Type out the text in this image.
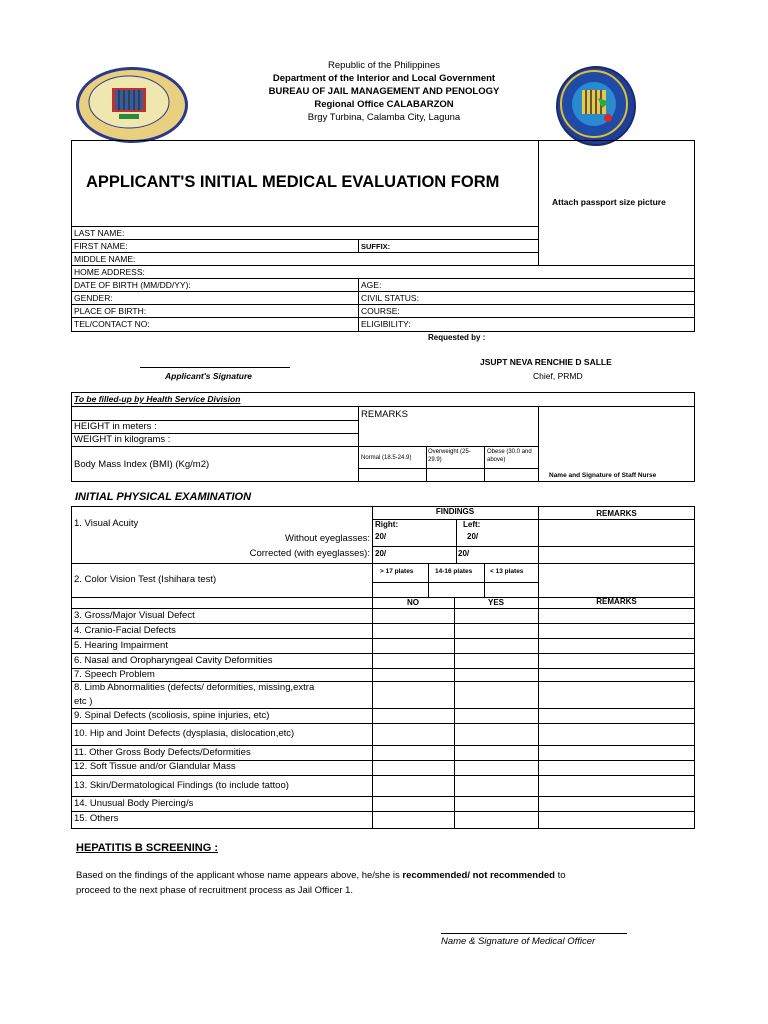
Republic of the Philippines
Department of the Interior and Local Government
BUREAU OF JAIL MANAGEMENT AND PENOLOGY
Regional Office CALABARZON
Brgy Turbina, Calamba City, Laguna
APPLICANT'S INITIAL MEDICAL EVALUATION FORM
Attach passport size picture
LAST NAME:
FIRST NAME:	SUFFIX:
MIDDLE NAME:
HOME ADDRESS:
DATE OF BIRTH (MM/DD/YY):	AGE:
GENDER:	CIVIL STATUS:
PLACE OF BIRTH:	COURSE:
TEL/CONTACT NO:	ELIGIBILITY:
Requested by :
Applicant's Signature
JSUPT NEVA RENCHIE D SALLE
Chief, PRMD
To be filled-up by Health Service Division
REMARKS
HEIGHT in meters :
WEIGHT in kilograms :
Body Mass Index (BMI) (Kg/m2)
Normal (18.5-24.9)
Overweight (25-29.9)
Obese (30.0 and above)
Name and Signature of Staff Nurse
INITIAL PHYSICAL EXAMINATION
FINDINGS	REMARKS
1. Visual Acuity	Right:	Left:
Without eyeglasses: 20/	20/
Corrected (with eyeglasses): 20/	20/
2. Color Vision Test (Ishihara test)
> 17 plates	14-16 plates	< 13 plates
NO	YES	REMARKS
3. Gross/Major Visual Defect
4. Cranio-Facial Defects
5. Hearing Impairment
6. Nasal and Oropharyngeal Cavity Deformities
7. Speech Problem
8. Limb Abnormalities (defects/ deformities, missing,extra
etc )
9. Spinal Defects (scoliosis, spine injuries, etc)
10. Hip and Joint Defects (dysplasia, dislocation,etc)
11. Other Gross Body Defects/Deformities
12. Soft Tissue and/or Glandular Mass
13. Skin/Dermatological Findings (to include tattoo)
14. Unusual Body Piercing/s
15. Others
HEPATITIS B SCREENING :
Based on the findings of the applicant whose name appears above, he/she is recommended/ not recommended to
proceed to the next phase of recruitment process as Jail Officer 1.
Name & Signature of Medical Officer
